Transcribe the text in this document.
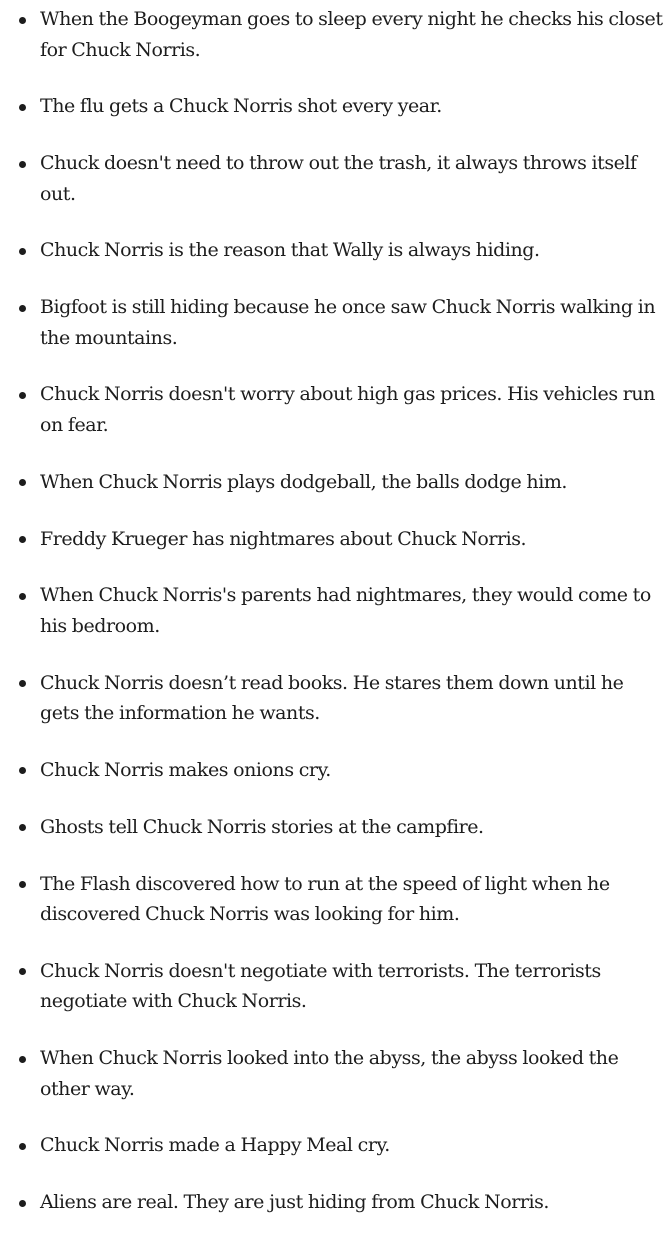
When the Boogeyman goes to sleep every night he checks his closet for Chuck Norris.
The flu gets a Chuck Norris shot every year.
Chuck doesn't need to throw out the trash, it always throws itself out.
Chuck Norris is the reason that Wally is always hiding.
Bigfoot is still hiding because he once saw Chuck Norris walking in the mountains.
Chuck Norris doesn't worry about high gas prices. His vehicles run on fear.
When Chuck Norris plays dodgeball, the balls dodge him.
Freddy Krueger has nightmares about Chuck Norris.
When Chuck Norris's parents had nightmares, they would come to his bedroom.
Chuck Norris doesn’t read books. He stares them down until he gets the information he wants.
Chuck Norris makes onions cry.
Ghosts tell Chuck Norris stories at the campfire.
The Flash discovered how to run at the speed of light when he discovered Chuck Norris was looking for him.
Chuck Norris doesn't negotiate with terrorists. The terrorists negotiate with Chuck Norris.
When Chuck Norris looked into the abyss, the abyss looked the other way.
Chuck Norris made a Happy Meal cry.
Aliens are real. They are just hiding from Chuck Norris.
